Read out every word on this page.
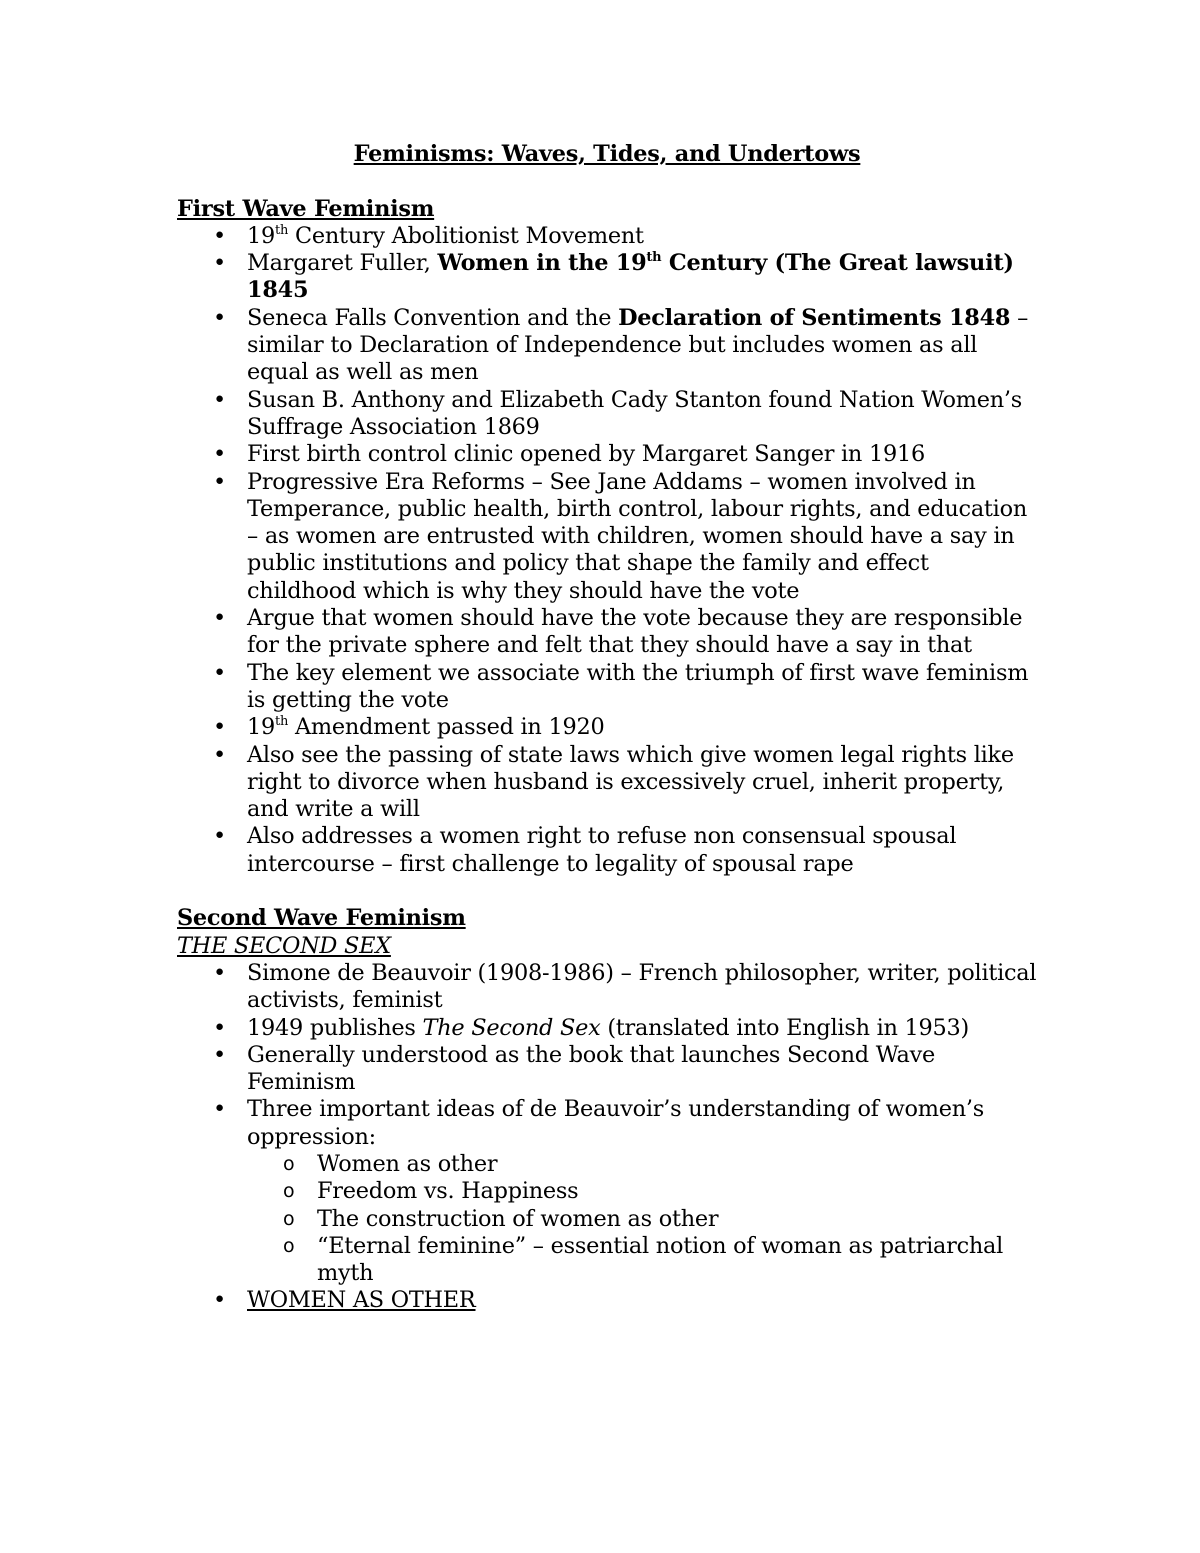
Feminisms: Waves, Tides, and Undertows

First Wave Feminism

• 19th Century Abolitionist Movement
• Margaret Fuller, Women in the 19th Century (The Great lawsuit) 1845
• Seneca Falls Convention and the Declaration of Sentiments 1848 – similar to Declaration of Independence but includes women as all equal as well as men
• Susan B. Anthony and Elizabeth Cady Stanton found Nation Women’s Suffrage Association 1869
• First birth control clinic opened by Margaret Sanger in 1916
• Progressive Era Reforms – See Jane Addams – women involved in Temperance, public health, birth control, labour rights, and education – as women are entrusted with children, women should have a say in public institutions and policy that shape the family and effect childhood which is why they should have the vote
• Argue that women should have the vote because they are responsible for the private sphere and felt that they should have a say in that
• The key element we associate with the triumph of first wave feminism is getting the vote
• 19th Amendment passed in 1920
• Also see the passing of state laws which give women legal rights like right to divorce when husband is excessively cruel, inherit property, and write a will
• Also addresses a women right to refuse non consensual spousal intercourse – first challenge to legality of spousal rape

Second Wave Feminism

THE SECOND SEX

• Simone de Beauvoir (1908-1986) – French philosopher, writer, political activists, feminist
• 1949 publishes The Second Sex (translated into English in 1953)
• Generally understood as the book that launches Second Wave Feminism
• Three important ideas of de Beauvoir’s understanding of women’s oppression:
o	Women as other
o	Freedom vs. Happiness
o	The construction of women as other
o	“Eternal feminine” – essential notion of woman as patriarchal myth
• WOMEN AS OTHER
